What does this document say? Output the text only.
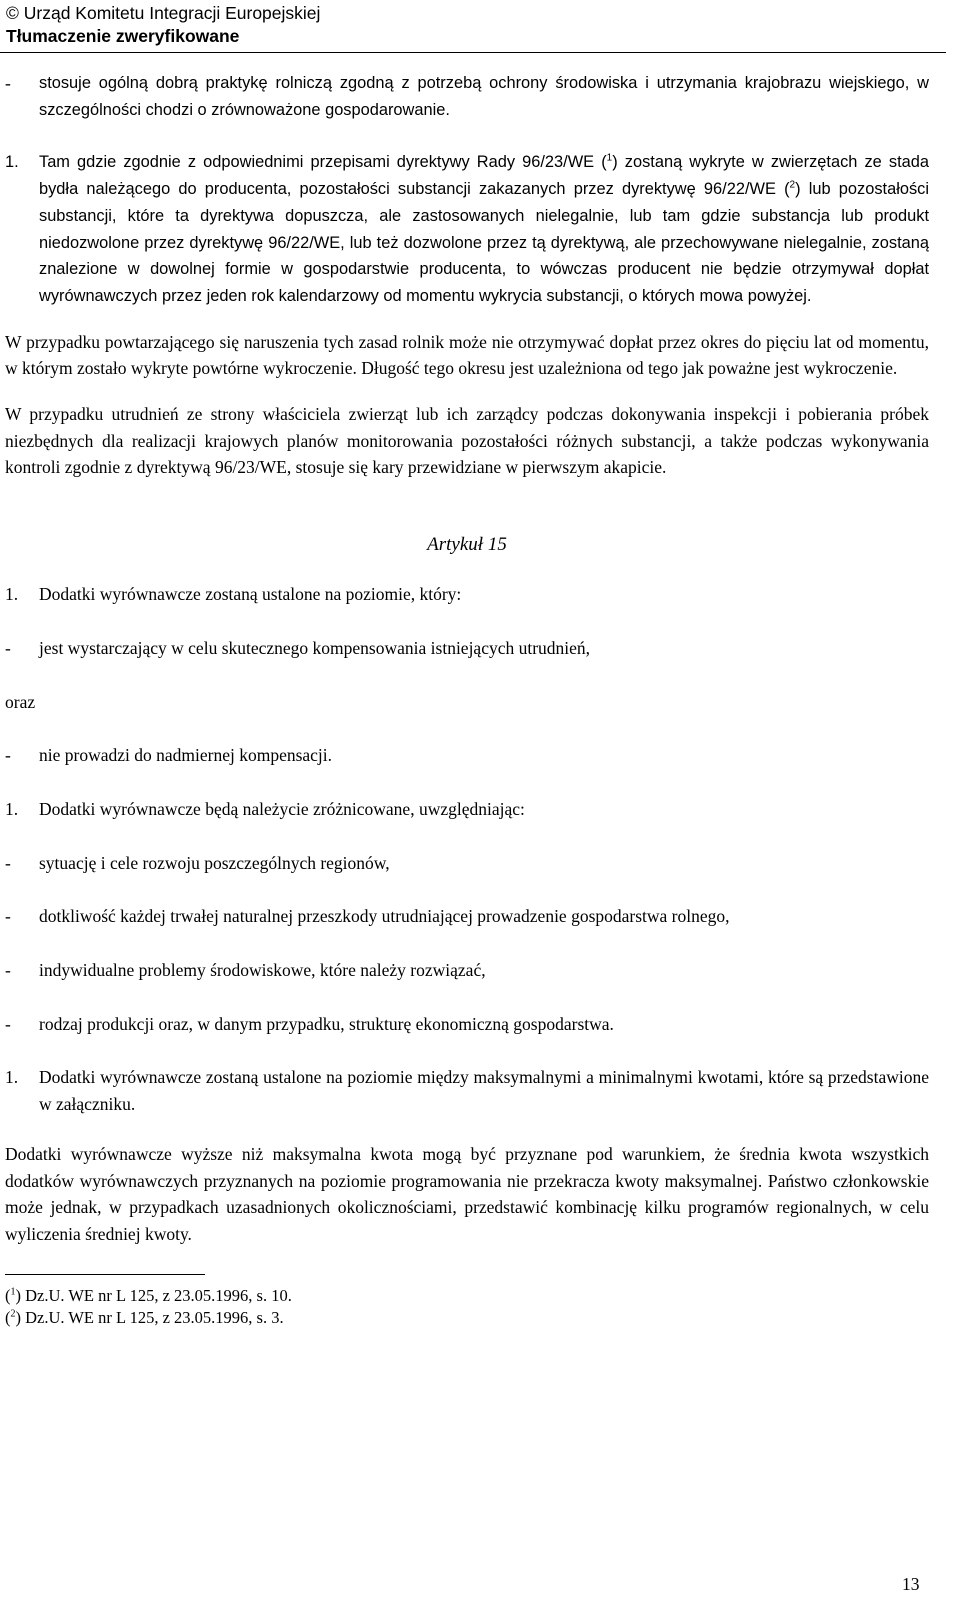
© Urząd Komitetu Integracji Europejskiej
Tłumaczenie zweryfikowane
-	stosuje ogólną dobrą praktykę rolniczą zgodną z potrzebą ochrony środowiska i utrzymania krajobrazu wiejskiego, w szczególności chodzi o zrównoważone gospodarowanie.
1.	Tam gdzie zgodnie z odpowiednimi przepisami dyrektywy Rady 96/23/WE ($^1$) zostaną wykryte w zwierzętach ze stada bydła należącego do producenta, pozostałości substancji zakazanych przez dyrektywę 96/22/WE ($^2$) lub pozostałości substancji, które ta dyrektywa dopuszcza, ale zastosowanych nielegalnie, lub tam gdzie substancja lub produkt niedozwolone przez dyrektywę 96/22/WE, lub też dozwolone przez tą dyrektywą, ale przechowywane nielegalnie, zostaną znalezione w dowolnej formie w gospodarstwie producenta, to wówczas producent nie będzie otrzymywał dopłat wyrównawczych przez jeden rok kalendarzowy od momentu wykrycia substancji, o których mowa powyżej.

W przypadku powtarzającego się naruszenia tych zasad rolnik może nie otrzymywać dopłat przez okres do pięciu lat od momentu, w którym zostało wykryte powtórne wykroczenie. Długość tego okresu jest uzależniona od tego jak poważne jest wykroczenie.

W przypadku utrudnień ze strony właściciela zwierząt lub ich zarządcy podczas dokonywania inspekcji i pobierania próbek niezbędnych dla realizacji krajowych planów monitorowania pozostałości różnych substancji, a także podczas wykonywania kontroli zgodnie z dyrektywą 96/23/WE, stosuje się kary przewidziane w pierwszym akapicie.

Artykuł 15

1.	Dodatki wyrównawcze zostaną ustalone na poziomie, który:
-	jest wystarczający w celu skutecznego kompensowania istniejących utrudnień,

oraz

-	nie prowadzi do nadmiernej kompensacji.
1.	Dodatki wyrównawcze będą należycie zróżnicowane, uwzględniając:
-	sytuację i cele rozwoju poszczególnych regionów,
-	dotkliwość każdej trwałej naturalnej przeszkody utrudniającej prowadzenie gospodarstwa rolnego,
-	indywidualne problemy środowiskowe, które należy rozwiązać,
-	rodzaj produkcji oraz, w danym przypadku, strukturę ekonomiczną gospodarstwa.
1.	Dodatki wyrównawcze zostaną ustalone na poziomie między maksymalnymi a minimalnymi kwotami, które są przedstawione w załączniku.

Dodatki wyrównawcze wyższe niż maksymalna kwota mogą być przyznane pod warunkiem, że średnia kwota wszystkich dodatków wyrównawczych przyznanych na poziomie programowania nie przekracza kwoty maksymalnej. Państwo członkowskie może jednak, w przypadkach uzasadnionych okolicznościami, przedstawić kombinację kilku programów regionalnych, w celu wyliczenia średniej kwoty.

($^1$) Dz.U. WE nr L 125, z 23.05.1996, s. 10.

($^2$) Dz.U. WE nr L 125, z 23.05.1996, s. 3.

13
